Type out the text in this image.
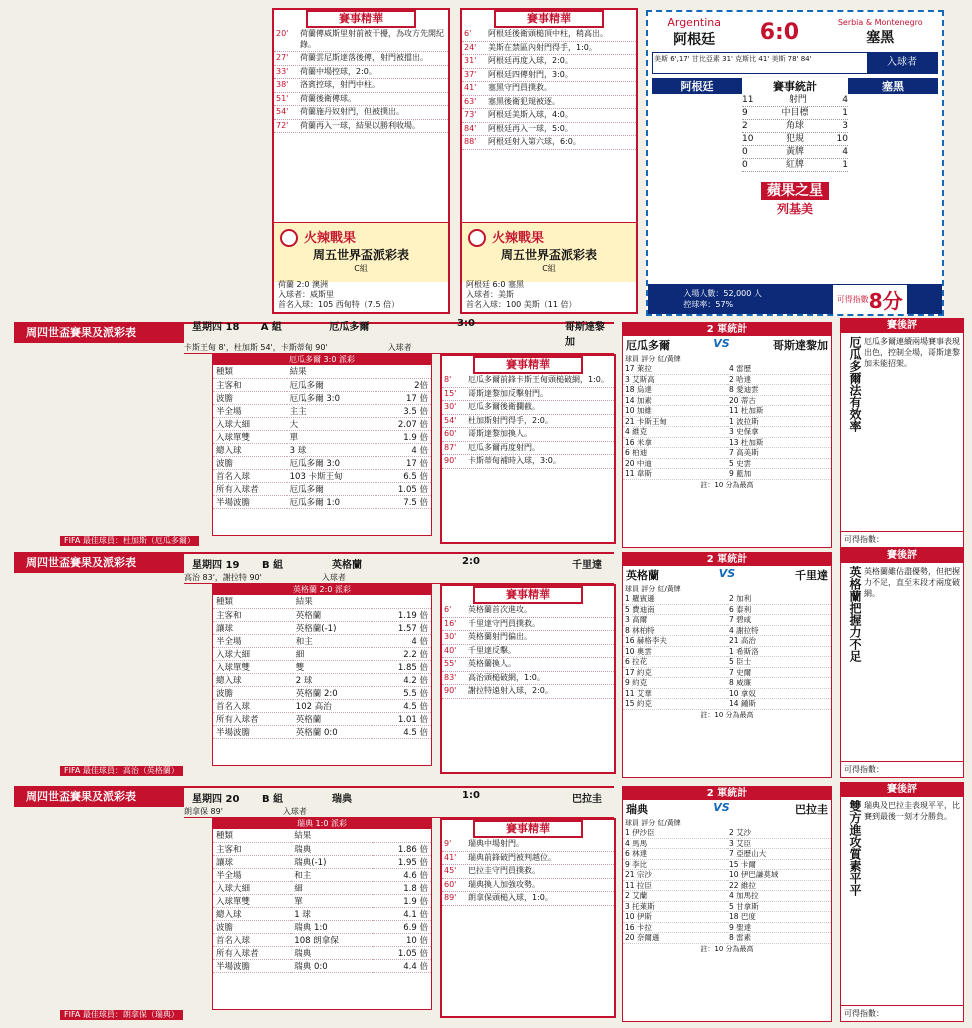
賽事精華
20'	荷蘭傳威斯里射前被干擾，為攻方先開紀錄。
27'	荷蘭雲尼斯達落後傳，射門被擋出。
33'	荷蘭中場控球，2:0。
38'	洛賓控球，射門中柱。
51'	荷蘭後衛傳球。
54'	荷蘭施丹奴射門，但被撲出。
72'	荷蘭再入一球，結果以勝利收場。
火辣戰果
周五世界盃派彩表
C組
荷蘭 2:0 澳洲
入球者：威斯里
首名入球：105 西甸特（7.5 倍）
賽事精華
6'	阿根廷後衛頭槌頂中柱，稍高出。
24'	美斯在禁區內射門得手，1:0。
31'	阿根廷再度入球，2:0。
37'	阿根廷四傳射門，3:0。
41'	塞黑守門員撲救。
63'	塞黑後衛犯規被逐。
73'	阿根廷美斯入球，4:0。
84'	阿根廷再入一球，5:0。
88'	阿根廷射入第六球，6:0。
火辣戰果
周五世界盃派彩表
C組
阿根廷 6:0 塞黑
入球者：美斯
首名入球：100 美斯（11 倍）
Argentina
阿根廷 6:0	Serbia & Montenegro
塞黑
美斯 6',17' 甘比亞素 31' 克斯比 41' 美斯 78' 84'	入球者
阿根廷	賽事統計	塞黑
11	射門	4
9	中目標	1
2	角球	3
10	犯規	10
0	黃牌	4
0	紅牌	1
蘋果之星
列基美
入場人數：52,000 人
控球率：57%
可得指數 8分
周四世盃賽果及派彩表	星期四 18	A 組	厄瓜多爾	3:0	哥斯達黎加
卡斯王甸 8'，杜加斯 54'，卡斯蒂甸 90'	入球者
厄瓜多爾 3:0 派彩
種類	結果	
主客和	厄瓜多爾	2倍
波膽	厄瓜多爾 3:0	17 倍
半全場	主主	3.5 倍
入球大細	大	2.07 倍
入球單雙	單	1.9 倍
總入球	3 球	4 倍
波膽	厄瓜多爾 3:0	17 倍
首名入球	103 卡斯王甸	6.5 倍
所有入球者	厄瓜多爾	1.05 倍
半場波膽	厄瓜多爾 1:0	7.5 倍
FIFA 最佳球員：杜加斯（厄瓜多爾）
賽事精華
8'	厄瓜多爾前鋒卡斯王甸頭槌破網，1:0。
15'	哥斯達黎加反擊射門。
30'	厄瓜多爾後衛攔截。
54'	杜加斯射門得手，2:0。
60'	哥斯達黎加換人。
87'	厄瓜多爾再度射門。
90'	卡斯蒂甸補時入球，3:0。
2 軍統計
厄瓜多爾	VS	哥斯達黎加
球員 評分 紅/黃牌
17 萊拉	4 雷歷
3 艾斯高	2 哈達
18 烏達	8 愛迪雲
14 加素	20 蒂古
10 加維	11 杜加斯
21 卡斯王甸	1 波拉斯
4 維克	3 史保拿
16 米拿	13 杜加斯
6 柏迪	7 高美斯
20 中迪	5 史雲
11 韋斯	9 藍加
註：10 分為最高
賽後評
厄瓜多爾法有效率 厄瓜多爾連續兩場賽事表現出色，控制全場，哥斯達黎加未能招架。
可得指數：
周四世盃賽果及派彩表	星期四 19	B 組	英格蘭	2:0	千里達
高治 83'，謝拉特 90'	入球者
英格蘭 2:0 派彩
種類	結果	
主客和	英格蘭	1.19 倍
讓球	英格蘭(-1)	1.57 倍
半全場	和主	4 倍
入球大細	細	2.2 倍
入球單雙	雙	1.85 倍
總入球	2 球	4.2 倍
波膽	英格蘭 2:0	5.5 倍
首名入球	102 高治	4.5 倍
所有入球者	英格蘭	1.01 倍
半場波膽	英格蘭 0:0	4.5 倍
FIFA 最佳球員：高治（英格蘭）
賽事精華
6'	英格蘭首次進攻。
16'	千里達守門員撲救。
30'	英格蘭射門偏出。
40'	千里達反擊。
55'	英格蘭換人。
83'	高治頭槌破網，1:0。
90'	謝拉特遠射入球，2:0。
2 軍統計
英格蘭	VS	千里達
球員 評分 紅/黃牌
1 羅賓遜	2 加利
5 費迪南	6 泰利
3 高爾	7 碧咸
8 林柏特	4 謝拉特
16 赫格李夫	21 高治
10 奧雲	1 希斯洛
6 拉花	5 臣士
17 約克	7 史爾
9 約克	8 威廉
11 艾華	10 拿奴
15 約克	14 鍾斯
註：10 分為最高
賽後評
英格蘭把握力不足 英格蘭雖佔盡優勢，但把握力不足，直至末段才兩度破網。
可得指數：
周四世盃賽果及派彩表	星期四 20	B 組	瑞典	1:0	巴拉圭
朗拿保 89'	入球者
瑞典 1:0 派彩
種類	結果	
主客和	瑞典	1.86 倍
讓球	瑞典(-1)	1.95 倍
半全場	和主	4.6 倍
入球大細	細	1.8 倍
入球單雙	單	1.9 倍
總入球	1 球	4.1 倍
波膽	瑞典 1:0	6.9 倍
首名入球	108 朗拿保	10 倍
所有入球者	瑞典	1.05 倍
半場波膽	瑞典 0:0	4.4 倍
FIFA 最佳球員：朗拿保（瑞典）
賽事精華
9'	瑞典中場射門。
41'	瑞典前鋒破門被判越位。
45'	巴拉圭守門員撲救。
60'	瑞典換人加強攻勢。
89'	朗拿保頭槌入球，1:0。
2 軍統計
瑞典	VS	巴拉圭
球員 評分 紅/黃牌
1 伊沙臣	2 艾沙
4 馬馬	3 艾臣
6 林達	7 亞歷山大
9 李比	15 卡爾
21 宗沙	10 伊巴謙莫域
11 拉臣	22 維拉
2 艾蘭	4 加馬拉
3 托萊斯	5 甘拿斯
10 伊斯	18 巴度
16 卡拉	9 聖達
20 奈爾遜	8 雷素
註：10 分為最高
賽後評
雙方進攻質素平平 瑞典及巴拉圭表現平平，比賽到最後一刻才分勝負。
可得指數：
